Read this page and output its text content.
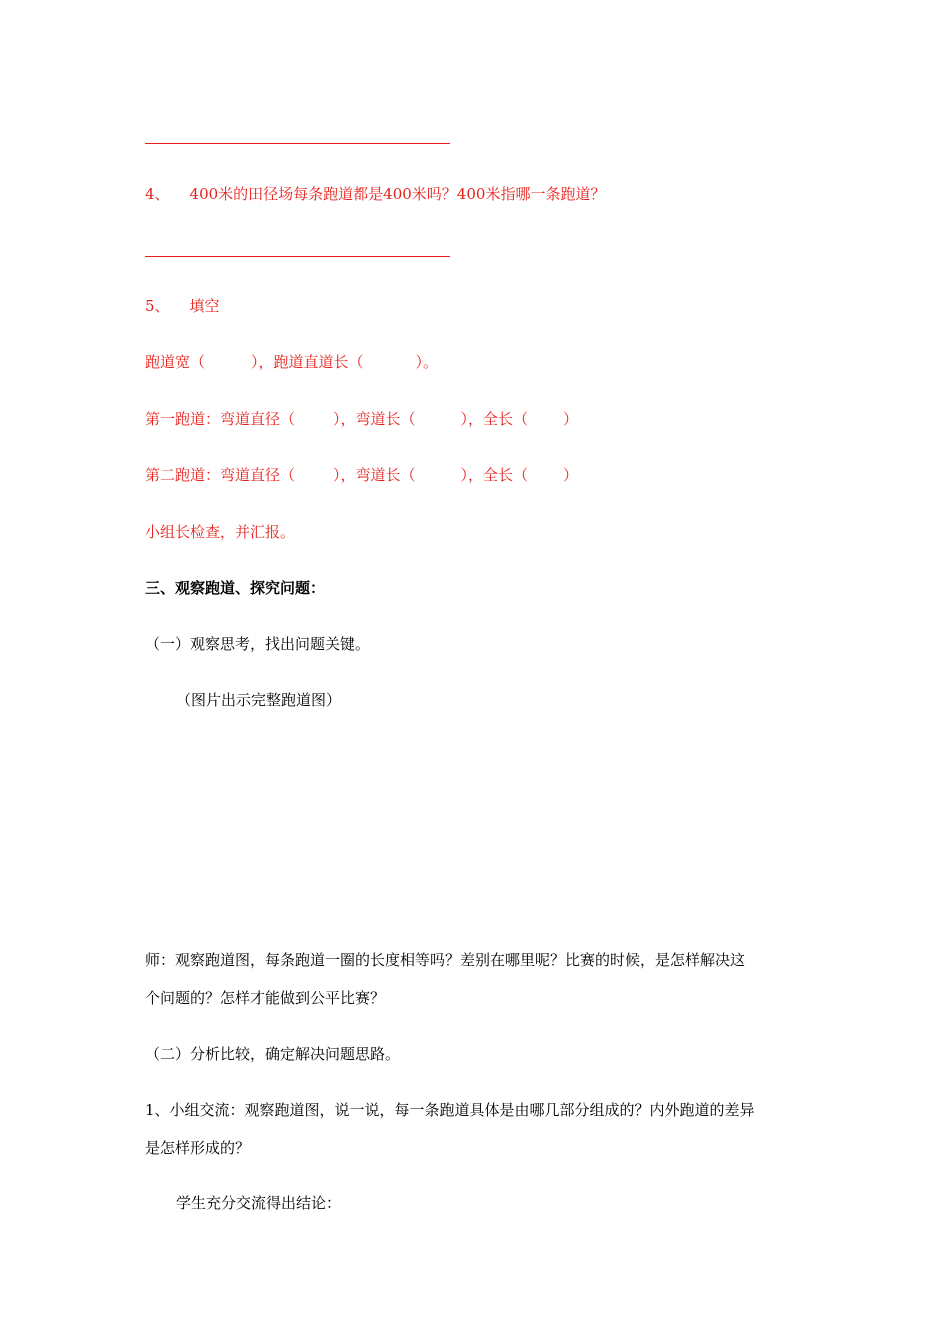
4、 400米的田径场每条跑道都是400米吗？400米指哪一条跑道？
5、 填空
跑道宽（	），跑道直道长（	）。
第一跑道：弯道直径（	），弯道长（	），全长（ ）
第二跑道：弯道直径（	），弯道长（	），全长（ ）
小组长检查，并汇报。
三、观察跑道、探究问题：
（一）观察思考，找出问题关键。
（图片出示完整跑道图）
师：观察跑道图，每条跑道一圈的长度相等吗？差别在哪里呢？比赛的时候，是怎样解决这
个问题的？怎样才能做到公平比赛？
（二）分析比较，确定解决问题思路。
1、小组交流：观察跑道图，说一说，每一条跑道具体是由哪几部分组成的？内外跑道的差异
是怎样形成的？
学生充分交流得出结论：
